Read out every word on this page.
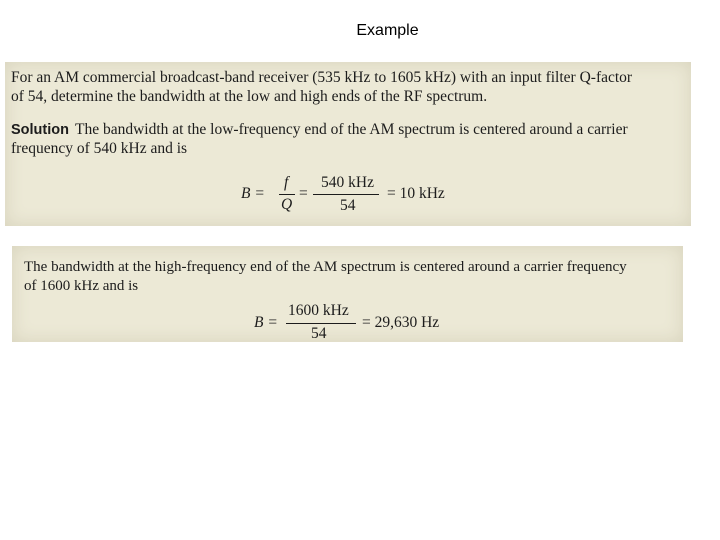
Example
For an AM commercial broadcast-band receiver (535 kHz to 1605 kHz) with an input filter Q-factor
of 54, determine the bandwidth at the low and high ends of the RF spectrum.
Solution The bandwidth at the low-frequency end of the AM spectrum is centered around a carrier
frequency of 540 kHz and is
B =
f
Q
=
540 kHz
54
= 10 kHz
The bandwidth at the high-frequency end of the AM spectrum is centered around a carrier frequency
of 1600 kHz and is
B =
1600 kHz
54
= 29,630 Hz
